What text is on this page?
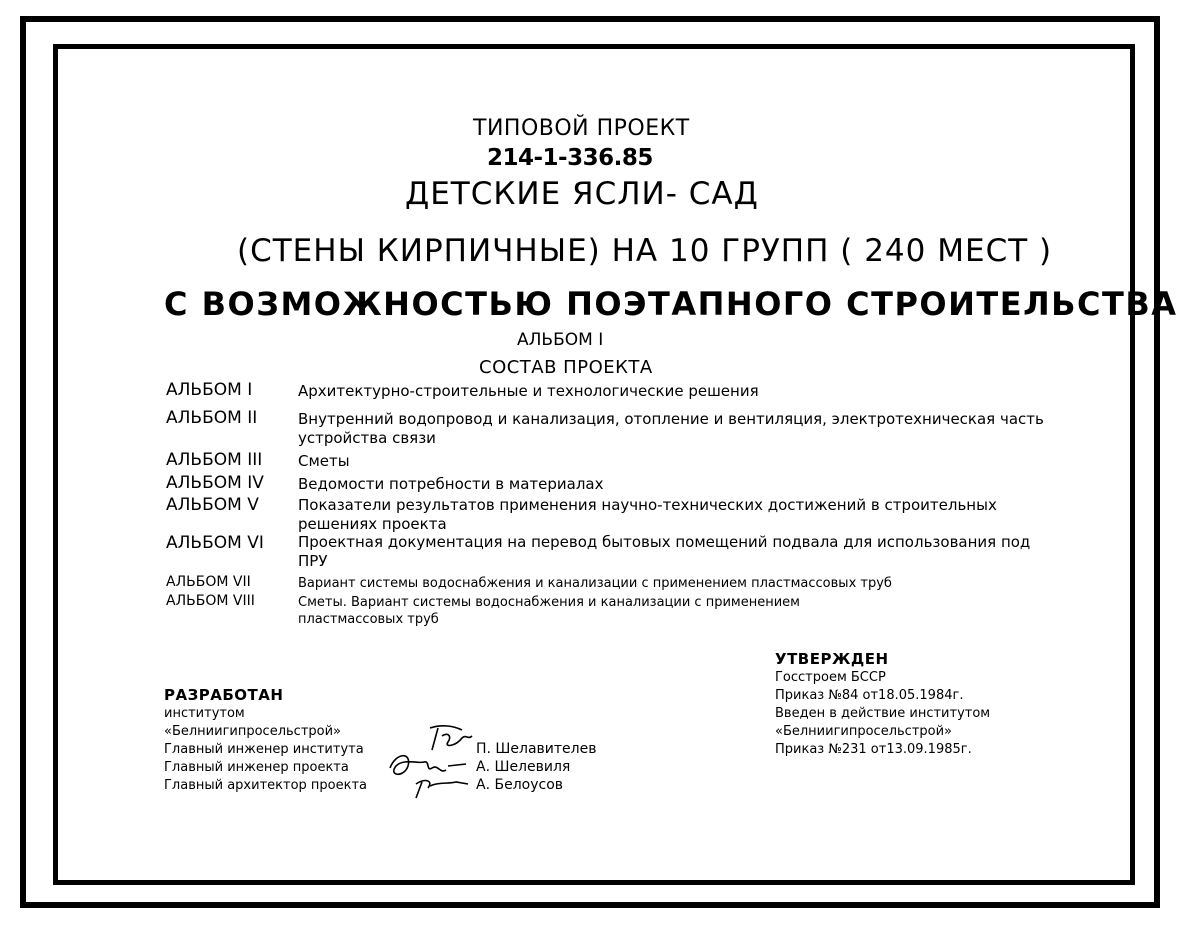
ТИПОВОЙ ПРОЕКТ

214-1-336.85

ДЕТСКИЕ ЯСЛИ- САД

(СТЕНЫ КИРПИЧНЫЕ) НА 10 ГРУПП ( 240 МЕСТ )

С ВОЗМОЖНОСТЬЮ ПОЭТАПНОГО СТРОИТЕЛЬСТВА

АЛЬБОМ I

СОСТАВ ПРОЕКТА

АЛЬБОМ I	Архитектурно-строительные и технологические решения
АЛЬБОМ II	Внутренний водопровод и канализация, отопление и вентиляция, электротехническая часть устройства связи
АЛЬБОМ III Сметы
АЛЬБОМ IV Ведомости потребности в материалах
АЛЬБОМ V	Показатели результатов применения научно-технических достижений в строительных решениях проекта
АЛЬБОМ VI Проектная документация на перевод бытовых помещений подвала для использования под ПРУ
АЛЬБОМ VII	Вариант системы водоснабжения и канализации с применением пластмассовых труб
АЛЬБОМ VIII	Сметы. Вариант системы водоснабжения и канализации с применением пластмассовых труб
РАЗРАБОТАН
институтом
«Белниигипросельстрой»
Главный инженер института
Главный инженер проекта
Главный архитектор проекта
П. Шелавителев
А. Шелевиля
А. Белоусов
УТВЕРЖДЕН
Госстроем БССР
Приказ №84 от18.05.1984г.
Введен в действие институтом
«Белниигипросельстрой»
Приказ №231 от13.09.1985г.
